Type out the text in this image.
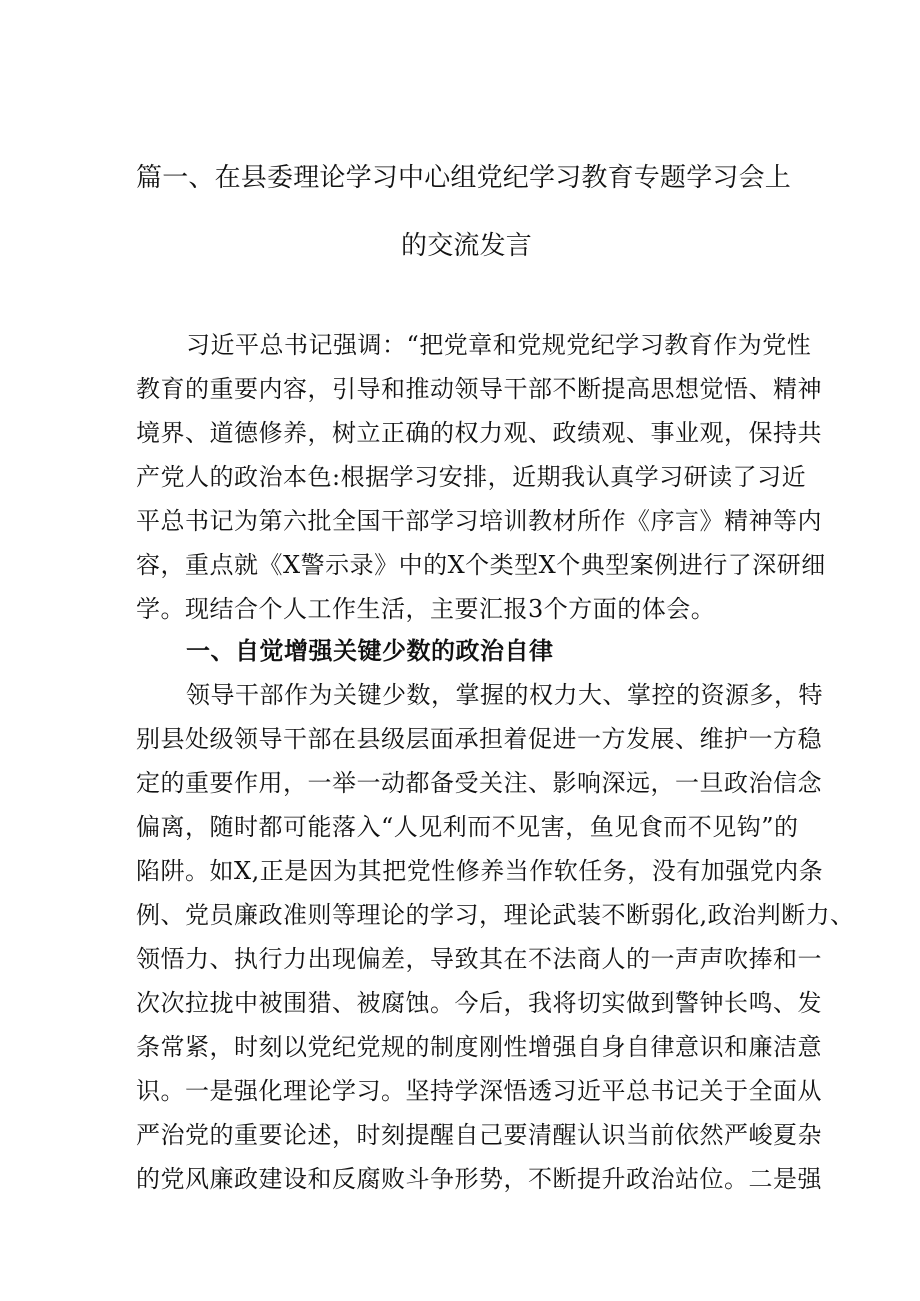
篇一、在县委理论学习中心组党纪学习教育专题学习会上
的交流发言

习近平总书记强调：“把党章和党规党纪学习教育作为党性

教育的重要内容，引导和推动领导干部不断提高思想觉悟、精神

境界、道德修养，树立正确的权力观、政绩观、事业观，保持共

产党人的政治本色:根据学习安排，近期我认真学习研读了习近

平总书记为第六批全国干部学习培训教材所作《序言》精神等内

容，重点就《X警示录》中的X个类型X个典型案例进行了深研细

学。现结合个人工作生活，主要汇报3个方面的体会。

一、自觉增强关键少数的政治自律

领导干部作为关键少数，掌握的权力大、掌控的资源多，特

别县处级领导干部在县级层面承担着促进一方发展、维护一方稳

定的重要作用，一举一动都备受关注、影响深远，一旦政治信念

偏离，随时都可能落入“人见利而不见害，鱼见食而不见钩”的

陷阱。如X,正是因为其把党性修养当作软任务，没有加强党内条

例、党员廉政准则等理论的学习，理论武装不断弱化,政治判断力、

领悟力、执行力出现偏差，导致其在不法商人的一声声吹捧和一

次次拉拢中被围猎、被腐蚀。今后，我将切实做到警钟长鸣、发

条常紧，时刻以党纪党规的制度刚性增强自身自律意识和廉洁意

识。一是强化理论学习。坚持学深悟透习近平总书记关于全面从

严治党的重要论述，时刻提醒自己要清醒认识当前依然严峻夏杂

的党风廉政建设和反腐败斗争形势，不断提升政治站位。二是强
